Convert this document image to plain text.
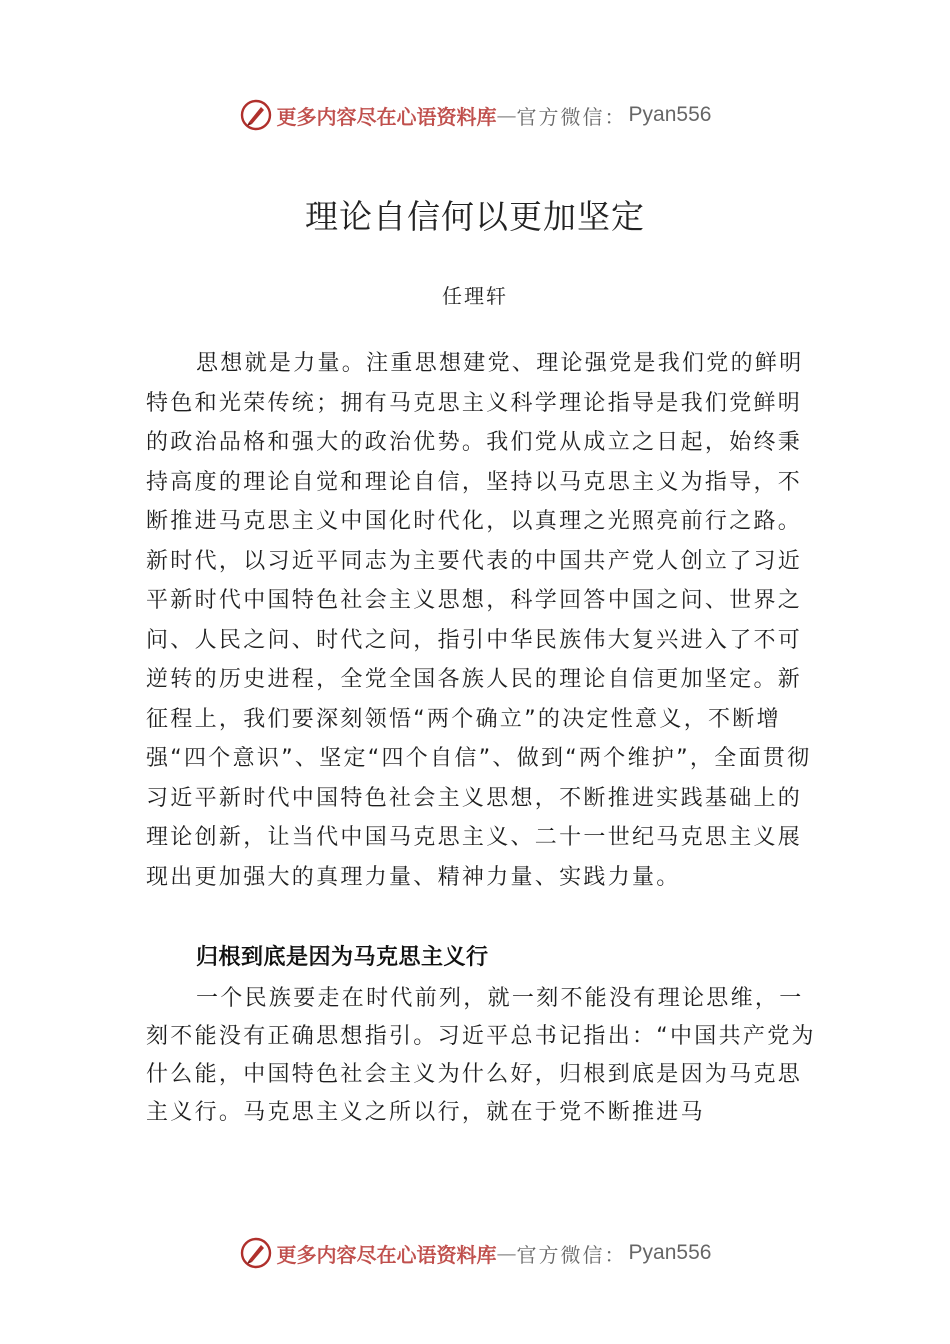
更多内容尽在心语资料库 — 官方微信： Pyan556
理论自信何以更加坚定
任理轩
思想就是力量。注重思想建党、理论强党是我们党的鲜明特色和光荣传统；拥有马克思主义科学理论指导是我们党鲜明的政治品格和强大的政治优势。我们党从成立之日起，始终秉持高度的理论自觉和理论自信，坚持以马克思主义为指导，不断推进马克思主义中国化时代化，以真理之光照亮前行之路。新时代，以习近平同志为主要代表的中国共产党人创立了习近平新时代中国特色社会主义思想，科学回答中国之问、世界之问、人民之问、时代之问，指引中华民族伟大复兴进入了不可逆转的历史进程，全党全国各族人民的理论自信更加坚定。新征程上，我们要深刻领悟“两个确立”的决定性意义，不断增强“四个意识”、坚定“四个自信”、做到“两个维护”，全面贯彻习近平新时代中国特色社会主义思想，不断推进实践基础上的理论创新，让当代中国马克思主义、二十一世纪马克思主义展现出更加强大的真理力量、精神力量、实践力量。
归根到底是因为马克思主义行
一个民族要走在时代前列，就一刻不能没有理论思维，一刻不能没有正确思想指引。习近平总书记指出：“中国共产党为什么能，中国特色社会主义为什么好，归根到底是因为马克思主义行。马克思主义之所以行，就在于党不断推进马
更多内容尽在心语资料库 — 官方微信： Pyan556
